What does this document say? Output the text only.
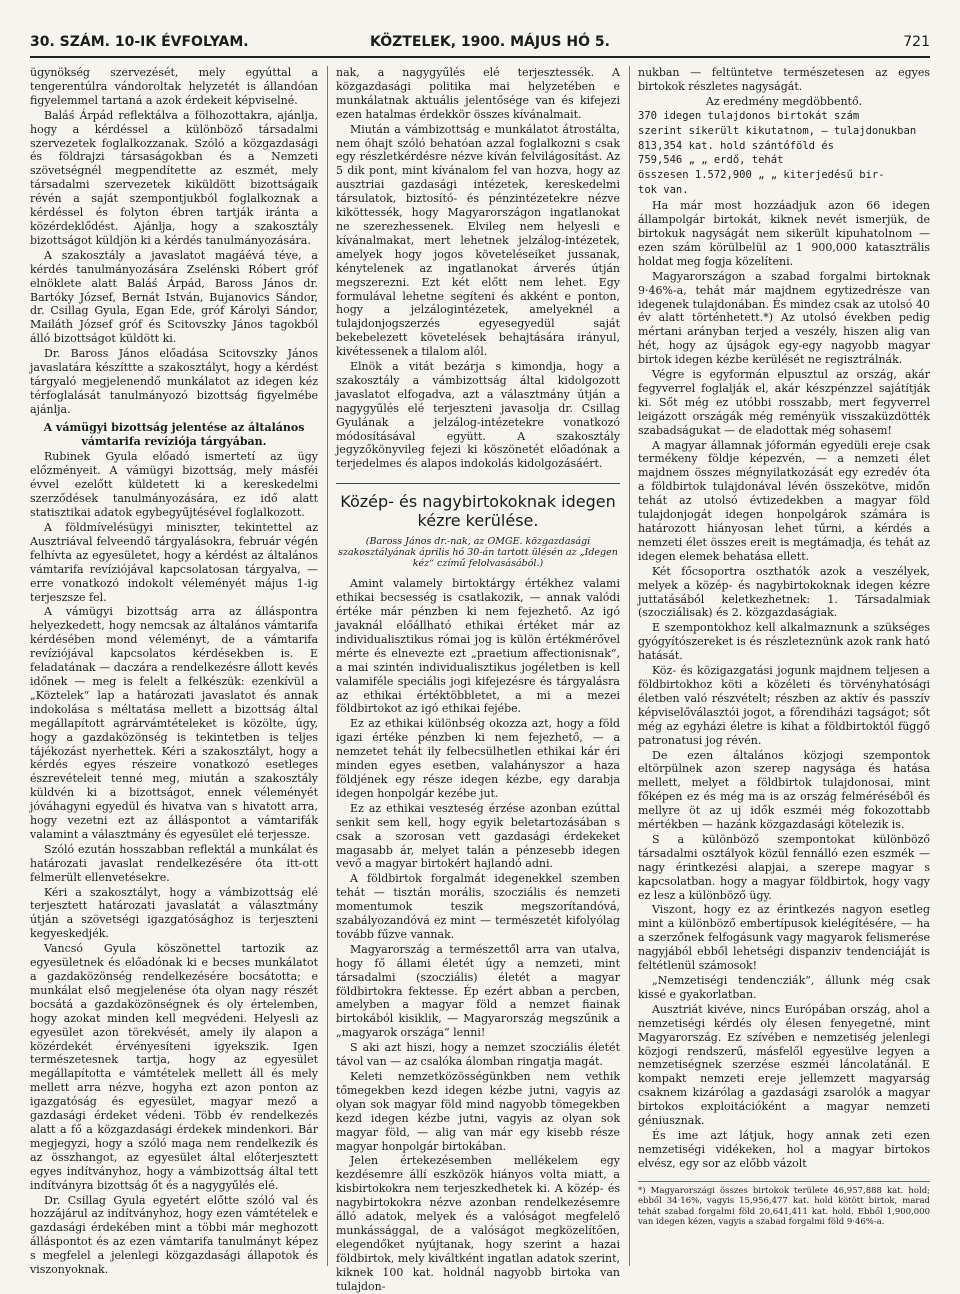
30. SZÁM. 10-IK ÉVFOLYAM.	KÖZTELEK, 1900. MÁJUS HÓ 5.	721

ügynökség szervezését, mely egyúttal a tengerentúlra vándoroltak helyzetét is állandóan figyelemmel tartaná a azok érdekeit képviselné.

Baláś Árpád reflektálva a fölhozottakra, ajánlja, hogy a kérdéssel a különböző társadalmi szervezetek foglalkozzanak. Szóló a közgazdasági és földrajzi társaságokban és a Nemzeti szövetségnél megpendítette az eszmét, mely társadalmi szervezetek kiküldött bizottságaik révén a saját szempontjukból foglalkoznak a kérdéssel és folyton ébren tartják iránta a közérdeklődést. Ajánlja, hogy a szakosztály bizottságot küldjön ki a kérdés tanulmányozására.

A szakosztály a javaslatot magáévá téve, a kérdés tanulmányozására Zselénski Róbert gróf elnöklete alatt Baláś Árpád, Baross János dr. Bartóky József, Bernát István, Bujanovics Sándor, dr. Csillag Gyula, Egan Ede, gróf Károlyi Sándor, Mailáth József gróf és Scitovszky János tagokból álló bizottságot küldött ki.

Dr. Baross János előadása Scitovszky János javaslatára készíttte a szakosztályt, hogy a kérdést tárgyaló megjelenendő munkálatot az idegen kéz térfoglalását tanulmányozó bizottság figyelmébe ajánlja.

A vámügyi bizottság jelentése az általános vámtarifa revíziója tárgyában.

Rubinek Gyula előadó ismertetí az ügy előzményeit. A vámügyi bizottság, mely másféi évvel ezelőtt küldetett ki a kereskedelmi szerződések tanulmányozására, ez idő alatt statisztikai adatok egybegyűjtésével foglalkozott.

A földmívelésügyi miniszter, tekintettel az Ausztriával felveendő tárgyalásokra, február végén felhívta az egyesületet, hogy a kérdést az általános vámtarifa revíziójával kapcsolatosan tárgyalva, — erre vonatkozó indokolt véleményét május 1-ig terjeszsze fel.

A vámügyi bizottság arra az álláspontra helyezkedett, hogy nemcsak az általános vámtarifa kérdésében mond véleményt, de a vámtarifa revíziójával kapcsolatos kérdésekben is. E feladatának — daczára a rendelkezésre állott kevés időnek — meg is felelt a felkészük: ezenkívül a „Köztelek“ lap a határozati javaslatot és annak indokolása s méltatása mellett a bizottság által megállapított agrárvámtételeket is közölte, úgy, hogy a gazdaközönség is tekintetben is teljes tájékozást nyerhettek. Kéri a szakosztályt, hogy a kérdés egyes részeire vonatkozó esetleges észrevételeit tenné meg, miután a szakosztály küldvén ki a bizottságot, ennek véleményét jóváhagyni egyedül és hivatva van s hivatott arra, hogy vezetni ezt az álláspontot a vámtarifák valamint a választmány és egyesület elé terjessze.

Szóló ezután hosszabban reflektál a munkálat és határozati javaslat rendelkezésére óta itt-ott felmerült ellenvetésekre.

Kéri a szakosztályt, hogy a vámbizottság elé terjesztett határozati javaslatát a választmány útján a szövetségi igazgatósághoz is terjeszteni kegyeskedjék.

Vancsó Gyula köszönettel tartozik az egyesületnek és előadónak ki e becses munkálatot a gazdaközönség rendelkezésére bocsátotta; e munkálat első megjelenése óta olyan nagy részét bocsátá a gazdaközönségnek és oly értelemben, hogy azokat minden kell megvédeni. Helyesli az egyesület azon törekvését, amely ily alapon a közérdekét érvényesíteni igyekszik. Igen természetesnek tartja, hogy az egyesület megállapította e vámtételek mellett áll és mely mellett arra nézve, hogyha ezt azon ponton az igazgatóság és egyesület, magyar mező a gazdasági érdeket védeni. Több év rendelkezés alatt a fő a közgazdasági érdekek mindenkori. Bár megjegyzi, hogy a szóló maga nem rendelkezik és az összhangot, az egyesület által előterjesztett egyes indítványhoz, hogy a vámbizottság által tett indítványra bizottság őt és a nagygyűlés elé.

Dr. Csillag Gyula egyetért előtte szóló val és hozzájárul az indítványhoz, hogy ezen vámtételek e gazdasági érdekében mint a többi már meghozott álláspontot és az ezen vámtarifa tanulmányt képez s megfelel a jelenlegi közgazdasági állapotok és viszonyoknak.

nak, a nagygyűlés elé terjesztessék. A közgazdasági politika mai helyzetében e munkálatnak aktuális jelentősége van és kifejezi ezen hatalmas érdekkör összes kívánalmait.

Miután a vámbizottság e munkálatot átrostálta, nem óhajt szóló behatóan azzal foglalkozni s csak egy részletkérdésre nézve kíván felvilágosítást. Az 5 dik pont, mint kívánalom fel van hozva, hogy az ausztriai gazdasági intézetek, kereskedelmi társulatok, biztosító- és pénzintézetekre nézve kiköttessék, hogy Magyarországon ingatlanokat ne szerezhessenek. Elvileg nem helyesli e kívánalmakat, mert lehetnek jelzálog-intézetek, amelyek hogy jogos követeléseiket jussanak, kénytelenek az ingatlanokat árverés útján megszerezni. Ezt két előtt nem lehet. Egy formulával lehetne segíteni és akként e ponton, hogy a jelzálogintézetek, amelyeknél a tulajdonjogszerzés egyesegyedül saját bekebelezett követelések behajtására irányul, kivétessenek a tilalom alól.

Elnök a vitát bezárja s kimondja, hogy a szakosztály a vámbizottság által kidolgozott javaslatot elfogadva, azt a választmány útján a nagygyűlés elé terjeszteni javasolja dr. Csillag Gyulának a jelzálog-intézetekre vonatkozó módosításával együtt. A szakosztály jegyzőkönyvileg fejezi ki köszönetét előadónak a terjedelmes és alapos indokolás kidolgozásáért.

Közép- és nagybirtokoknak idegen kézre kerülése.
(Baross János dr.-nak, az OMGE. közgazdasági szakosztályának április hó 30-án tartott ülésén az „Idegen kéz“ czímű felolvasásából.)

Amint valamely birtoktárgy értékhez valami ethikai becsesség is csatlakozik, — annak valódi értéke már pénzben ki nem fejezhető. Az igó javaknál előállható ethikai értéket már az individualisztikus római jog is külön értékmérővel mérte és elnevezte ezt „praetium affectionisnak“, a mai szintén individualisztikus jogéletben is kell valamiféle speciális jogi kifejezésre és tárgyalásra az ethikai értéktöbbletet, a mi a mezei földbirtokot az igó ethikai fejébe.

Ez az ethikai különbség okozza azt, hogy a föld igazi értéke pénzben ki nem fejezhető, — a nemzetet tehát ily felbecsülhetlen ethikai kár éri minden egyes esetben, valahányszor a haza földjének egy része idegen kézbe, egy darabja idegen honpolgár kezébe jut.

Ez az ethikai veszteség érzése azonban ezúttal senkit sem kell, hogy egyik beletartozásában s csak a szorosan vett gazdasági érdekeket magasabb ár, melyet talán a pénzesebb idegen vevő a magyar birtokért hajlandó adni.

A földbirtok forgalmát idegenekkel szemben tehát — tisztán morális, szocziális és nemzeti momentumok teszik megszorítandóvá, szabályozandóvá ez mint — természetét kifolyólag tovább fűzve vannak.

Magyarország a természettől arra van utalva, hogy fő állami életét úgy a nemzeti, mint társadalmi (szocziális) életét a magyar földbirtokra fektesse. Ép ezért abban a percben, amelyben a magyar föld a nemzet fiainak birtokából kisiklik, — Magyarország megszűnik a „magyarok országa“ lenni!

S aki azt hiszi, hogy a nemzet szocziális életét távol van — az csalóka álomban ringatja magát.

Keleti nemzetközösségünkben nem vethik tőmegekben kezd idegen kézbe jutni, vagyis az olyan sok magyar föld mind nagyobb tömegekben kezd idegen kézbe jutni, vagyis az olyan sok magyar föld, — alig van már egy kisebb része magyar honpolgár birtokában.

Jelen értekezésemben mellékelem egy kezdésemre állí eszközök hiányos volta miatt, a kisbirtokokra nem terjeszkedhetek ki. A közép- és nagybirtokokra nézve azonban rendelkezésemre álló adatok, melyek és a valóságot megfelelő munkássággal, de a valóságot megközelítően, elegendőket nyújtanak, hogy szerint a hazai földbirtok, mely kiváltként ingatlan adatok szerint, kiknek 100 kat. holdnál nagyobb birtoka van tulajdon-

nukban — feltüntetve természetesen az egyes birtokok részletes nagyságát.

Az eredmény megdöbbentő.

370 idegen tulajdonos birtokát szám

szerint sikerült kikutatnom, — tulajdonukban

813,354 kat. hold szántóföld és

759,546 „ „ erdő, tehát

összesen 1.572,900 „ „ kiterjedésű bir-

tok van.

Ha már most hozzáadjuk azon 66 idegen állampolgár birtokát, kiknek nevét ismerjük, de birtokuk nagyságát nem sikerült kipuhatolnom — ezen szám körülbelül az 1 900,000 kataszträlis holdat meg fogja közelíteni.

Magyarországon a szabad forgalmi birtoknak 9·46%-a, tehát már majdnem egytizedrésze van idegenek tulajdonában. És mindez csak az utolsó 40 év alatt történhetett.*) Az utolsó években pedig mértani arányban terjed a veszély, hiszen alig van hét, hogy az újságok egy-egy nagyobb magyar birtok idegen kézbe kerülését ne regisztrálnák.

Végre is egyformán elpusztul az ország, akár fegyverrel foglalják el, akár készpénzzel sajátítják ki. Sőt még ez utóbbi rosszabb, mert fegyverrel leigázott országák még reményük visszaküzdötték szabadságukat — de eladottak még sohasem!

A magyar államnak jóformán egyedüli ereje csak termékeny földje képezvén, — a nemzeti élet majdnem összes mégnyilatkozását egy ezredév óta a földbirtok tulajdonával lévén összekötve, midőn tehát az utolsó évtizedekben a magyar föld tulajdonjogát idegen honpolgárok számára is határozott hiányosan lehet tűrni, a kérdés a nemzeti élet összes ereit is megtámadja, és tehát az idegen elemek behatása ellett.

Két főcsoportra oszthatók azok a veszélyek, melyek a közép- és nagybirtokoknak idegen kézre juttatásából keletkezhetnek: 1. Társadalmiak (szocziálisak) és 2. közgazdaságiak.

E szempontokhoz kell alkalmaznunk a szükséges gyógyítószereket is és részleteznünk azok rank ható hatását.

Köz- és közigazgatási jogunk majdnem teljesen a földbirtokhoz köti a közéleti és törvényhatósági életben való részvételt; részben az aktív és passzív képviselőválasztói jogot, a főrendiházi tagságot; sőt még az egyházi életre is kihat a földbirtoktól függő patronatusi jog révén.

De ezen általános közjogi szempontok eltörpülnek azon szerep nagysága és hatása mellett, melyet a földbirtok tulajdonosai, mint főképen ez és még ma is az ország felméréséből és mellyre öt az uj idők eszméi még fokozottabb mértékben — hazánk közgazdasági kötelezik is.

S a különböző szempontokat különböző társadalmi osztályok közül fennálló ezen eszmék — nagy érintkezési alapjai, a szerepe magyar s kapcsolatban. hogy a magyar földbirtok, hogy vagy ez lesz a különböző ügy.

Viszont, hogy ez az érintkezés nagyon esetleg mint a különböző embertípusok kielégítésére, — ha a szerzőnek felfogásunk vagy magyarok felismerése nagyjából ebből lehetségi dispanziv tendenciáját is feltétlenül számosok!

„Nemzetiségi tendencziák“, állunk még csak kissé e gyakorlatban.

Ausztriát kivéve, nincs Európában ország, ahol a nemzetiségi kérdés oly élesen fenyegetné, mint Magyarország. Ez szívében e nemzetiség jelenlegi közjogi rendszerű, másfelől egyesülve legyen a nemzetiségnek szerzése eszméi láncolatánál. E kompakt nemzeti ereje jellemzett magyarság csaknem kizárólag a gazdasági zsarolók a magyar birtokos exploitációként a magyar nemzeti géniusznak.

És ime azt látjuk, hogy annak zeti ezen nemzetiségi vidékeken, hol a magyar birtokos elvész, egy sor az előbb vázolt

*) Magyarországi összes birtokok területe 46,957,888 kat. hold; ebből 34·16%, vagyis 15,956,477 kat. hold kötött birtok, marad tehát szabad forgalmi föld 20,641,411 kat. hold. Ebből 1,900,000 van idegen kézen, vagyis a szabad forgalmi föld 9·46%-a.
